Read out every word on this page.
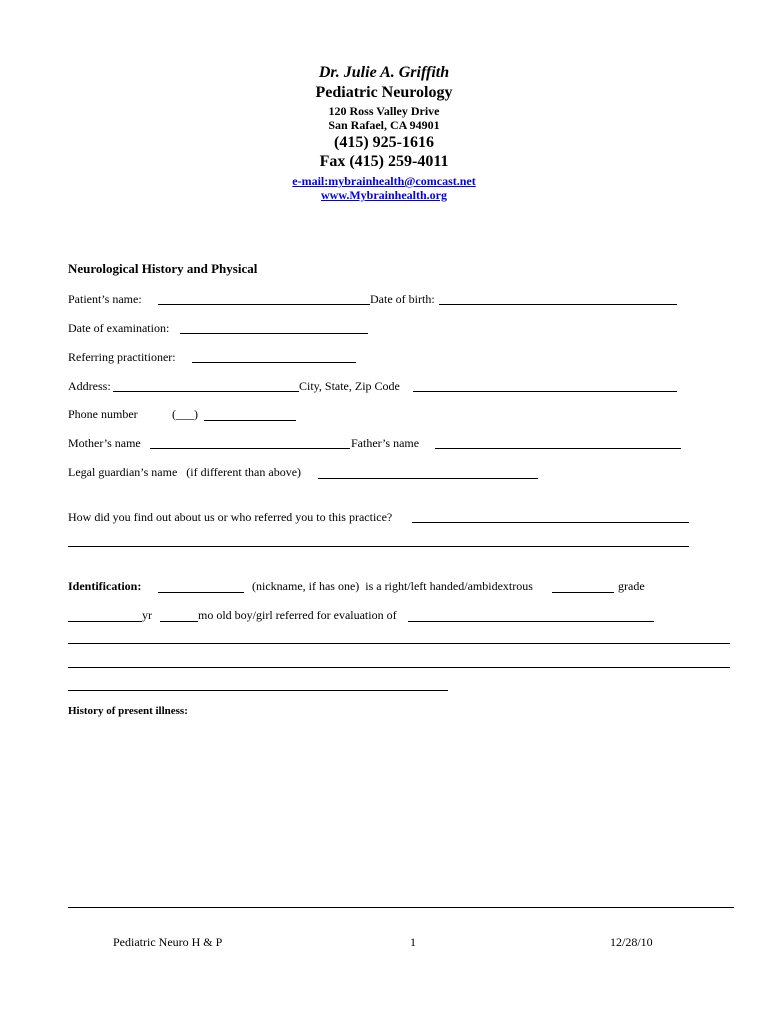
Dr. Julie A. Griffith
Pediatric Neurology
120 Ross Valley Drive
San Rafael, CA 94901
(415) 925-1616
Fax (415) 259-4011
e-mail:mybrainhealth@comcast.net
www.Mybrainhealth.org
Neurological History and Physical
Patient’s name:	Date of birth:
Date of examination:
Referring practitioner:
Address:	City, State, Zip Code
Phone number	(___)
Mother’s name	Father’s name
Legal guardian’s name   (if different than above)
How did you find out about us or who referred you to this practice?
Identification:	(nickname, if has one)  is a right/left handed/ambidextrous	grade
yr	mo old boy/girl referred for evaluation of
History of present illness:
Pediatric Neuro H & P	1	12/28/10
